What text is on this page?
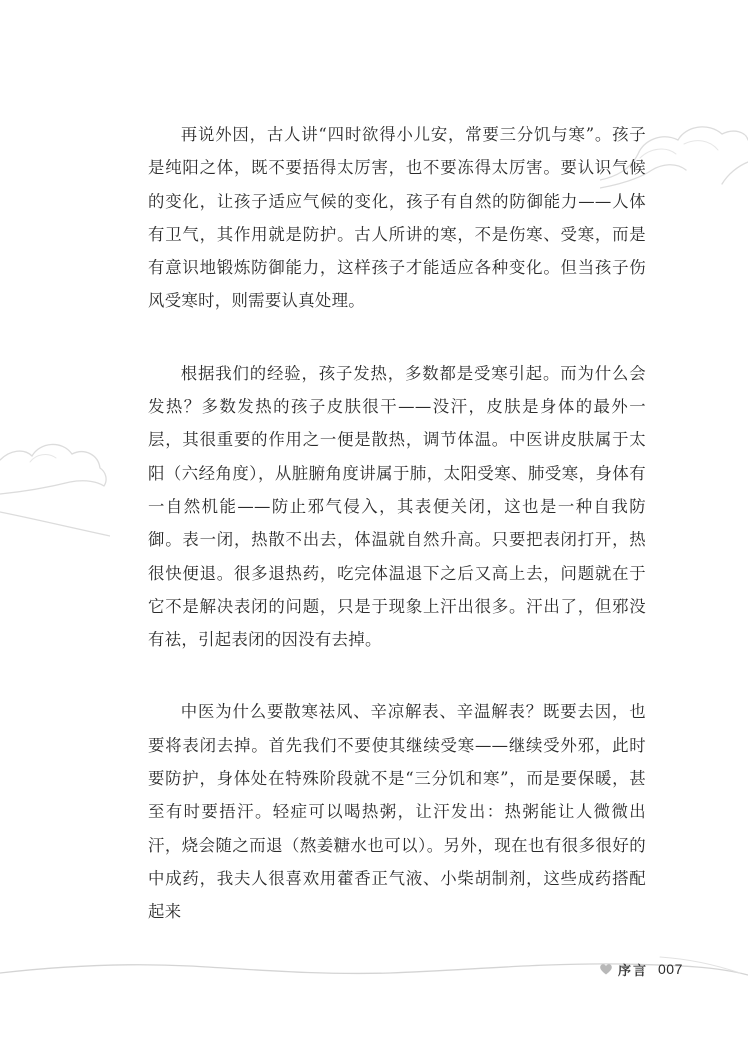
再说外因，古人讲“四时欲得小儿安，常要三分饥与寒”。孩子是纯阳之体，既不要捂得太厉害，也不要冻得太厉害。要认识气候的变化，让孩子适应气候的变化，孩子有自然的防御能力——人体有卫气，其作用就是防护。古人所讲的寒，不是伤寒、受寒，而是有意识地锻炼防御能力，这样孩子才能适应各种变化。但当孩子伤风受寒时，则需要认真处理。

根据我们的经验，孩子发热，多数都是受寒引起。而为什么会发热？多数发热的孩子皮肤很干——没汗，皮肤是身体的最外一层，其很重要的作用之一便是散热，调节体温。中医讲皮肤属于太阳（六经角度），从脏腑角度讲属于肺，太阳受寒、肺受寒，身体有一自然机能——防止邪气侵入，其表便关闭，这也是一种自我防御。表一闭，热散不出去，体温就自然升高。只要把表闭打开，热很快便退。很多退热药，吃完体温退下之后又高上去，问题就在于它不是解决表闭的问题，只是于现象上汗出很多。汗出了，但邪没有祛，引起表闭的因没有去掉。

中医为什么要散寒祛风、辛凉解表、辛温解表？既要去因，也要将表闭去掉。首先我们不要使其继续受寒——继续受外邪，此时要防护，身体处在特殊阶段就不是“三分饥和寒”，而是要保暖，甚至有时要捂汗。轻症可以喝热粥，让汗发出：热粥能让人微微出汗，烧会随之而退（熬姜糖水也可以）。另外，现在也有很多很好的中成药，我夫人很喜欢用藿香正气液、小柴胡制剂，这些成药搭配起来

序言 007
